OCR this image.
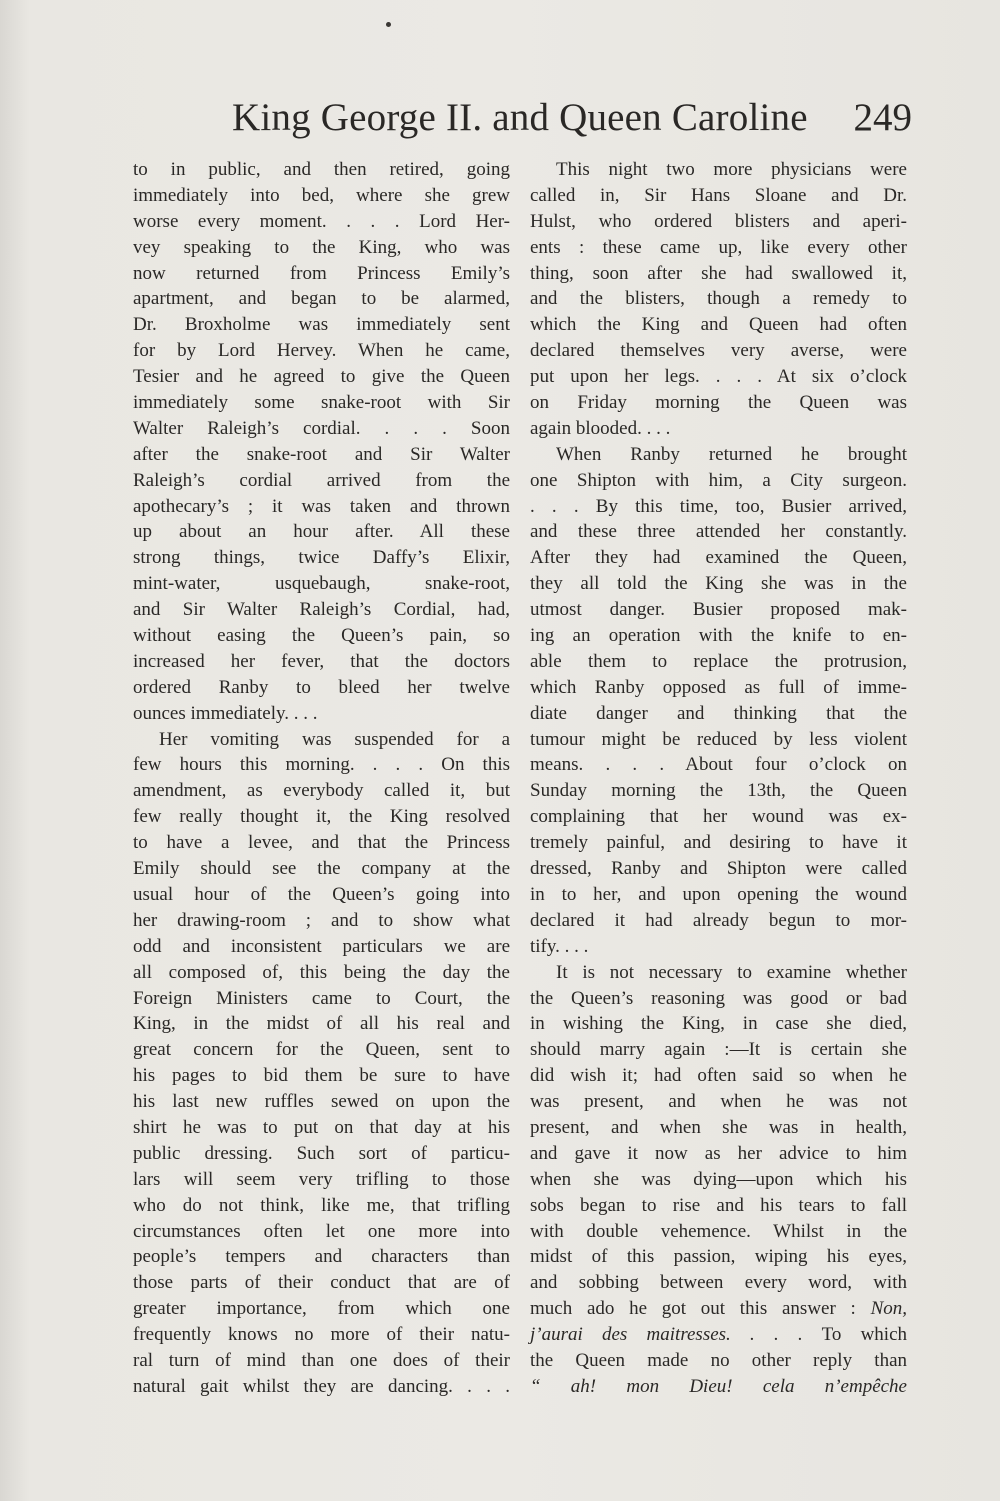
King George II. and Queen Caroline 249
to in public, and then retired, going
immediately into bed, where she grew
worse every moment. . . . Lord Her-
vey speaking to the King, who was
now returned from Princess Emily’s
apartment, and began to be alarmed,
Dr. Broxholme was immediately sent
for by Lord Hervey. When he came,
Tesier and he agreed to give the Queen
immediately some snake-root with Sir
Walter Raleigh’s cordial. . . . Soon
after the snake-root and Sir Walter
Raleigh’s cordial arrived from the
apothecary’s ; it was taken and thrown
up about an hour after. All these
strong things, twice Daffy’s Elixir,
mint-water, usquebaugh, snake-root,
and Sir Walter Raleigh’s Cordial, had,
without easing the Queen’s pain, so
increased her fever, that the doctors
ordered Ranby to bleed her twelve
ounces immediately. . . .
Her vomiting was suspended for a
few hours this morning. . . . On this
amendment, as everybody called it, but
few really thought it, the King resolved
to have a levee, and that the Princess
Emily should see the company at the
usual hour of the Queen’s going into
her drawing-room ; and to show what
odd and inconsistent particulars we are
all composed of, this being the day the
Foreign Ministers came to Court, the
King, in the midst of all his real and
great concern for the Queen, sent to
his pages to bid them be sure to have
his last new ruffles sewed on upon the
shirt he was to put on that day at his
public dressing. Such sort of particu-
lars will seem very trifling to those
who do not think, like me, that trifling
circumstances often let one more into
people’s tempers and characters than
those parts of their conduct that are of
greater importance, from which one
frequently knows no more of their natu-
ral turn of mind than one does of their
natural gait whilst they are dancing. . . .
This night two more physicians were
called in, Sir Hans Sloane and Dr.
Hulst, who ordered blisters and aperi-
ents : these came up, like every other
thing, soon after she had swallowed it,
and the blisters, though a remedy to
which the King and Queen had often
declared themselves very averse, were
put upon her legs. . . . At six o’clock
on Friday morning the Queen was
again blooded. . . .
When Ranby returned he brought
one Shipton with him, a City surgeon.
. . . By this time, too, Busier arrived,
and these three attended her constantly.
After they had examined the Queen,
they all told the King she was in the
utmost danger. Busier proposed mak-
ing an operation with the knife to en-
able them to replace the protrusion,
which Ranby opposed as full of imme-
diate danger and thinking that the
tumour might be reduced by less violent
means. . . . About four o’clock on
Sunday morning the 13th, the Queen
complaining that her wound was ex-
tremely painful, and desiring to have it
dressed, Ranby and Shipton were called
in to her, and upon opening the wound
declared it had already begun to mor-
tify. . . .
It is not necessary to examine whether
the Queen’s reasoning was good or bad
in wishing the King, in case she died,
should marry again :—It is certain she
did wish it; had often said so when he
was present, and when he was not
present, and when she was in health,
and gave it now as her advice to him
when she was dying—upon which his
sobs began to rise and his tears to fall
with double vehemence. Whilst in the
midst of this passion, wiping his eyes,
and sobbing between every word, with
much ado he got out this answer : Non,
j’aurai des maitresses. . . . To which
the Queen made no other reply than
“ ah! mon Dieu! cela n’empêche
